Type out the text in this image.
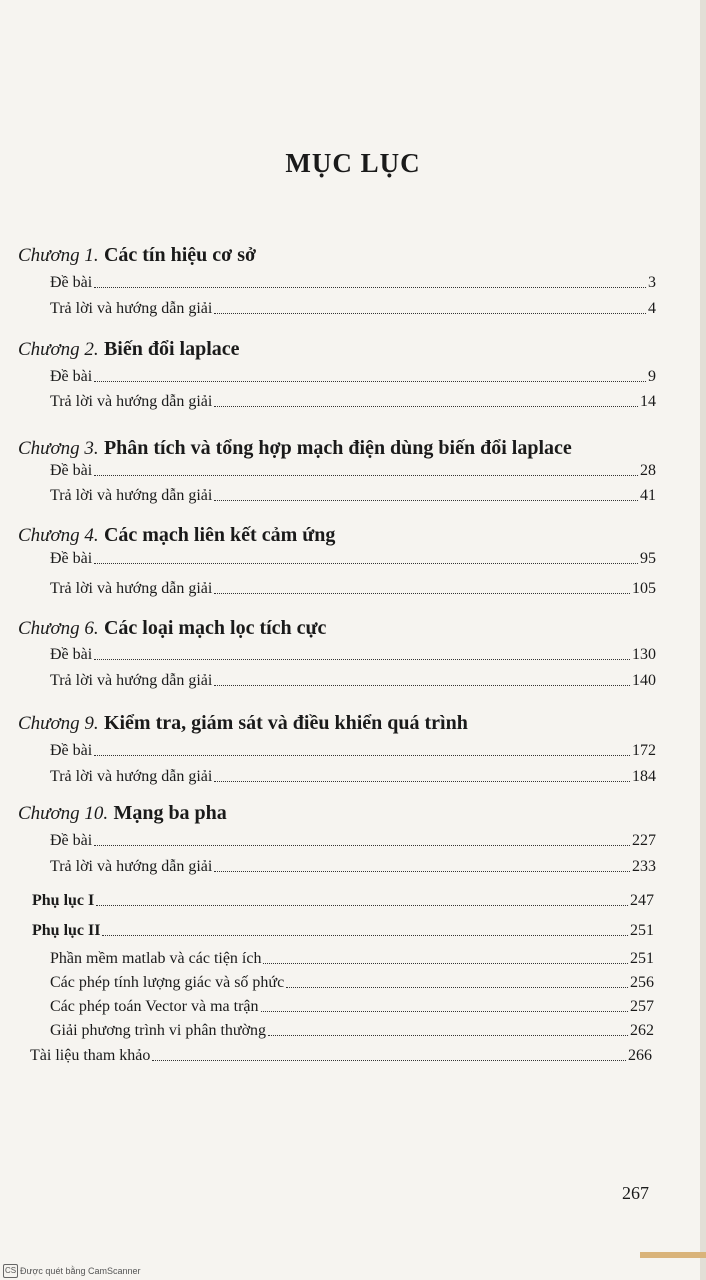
MỤC LỤC
Chương 1. Các tín hiệu cơ sở
Đề bài	3
Trả lời và hướng dẫn giải	4
Chương 2. Biến đổi laplace
Đề bài	9
Trả lời và hướng dẫn giải	14
Chương 3. Phân tích và tổng hợp mạch điện dùng biến đổi laplace
Đề bài	28
Trả lời và hướng dẫn giải	41
Chương 4. Các mạch liên kết cảm ứng
Đề bài	95
Trả lời và hướng dẫn giải	105
Chương 6. Các loại mạch lọc tích cực
Đề bài	130
Trả lời và hướng dẫn giải	140
Chương 9. Kiểm tra, giám sát và điều khiển quá trình
Đề bài	172
Trả lời và hướng dẫn giải	184
Chương 10. Mạng ba pha
Đề bài	227
Trả lời và hướng dẫn giải	233
Phụ lục I	247
Phụ lục II	251
Phần mềm matlab và các tiện ích	251
Các phép tính lượng giác và số phức	256
Các phép toán Vector và ma trận	257
Giải phương trình vi phân thường	262
Tài liệu tham khảo	266
267
CS Được quét bằng CamScanner
